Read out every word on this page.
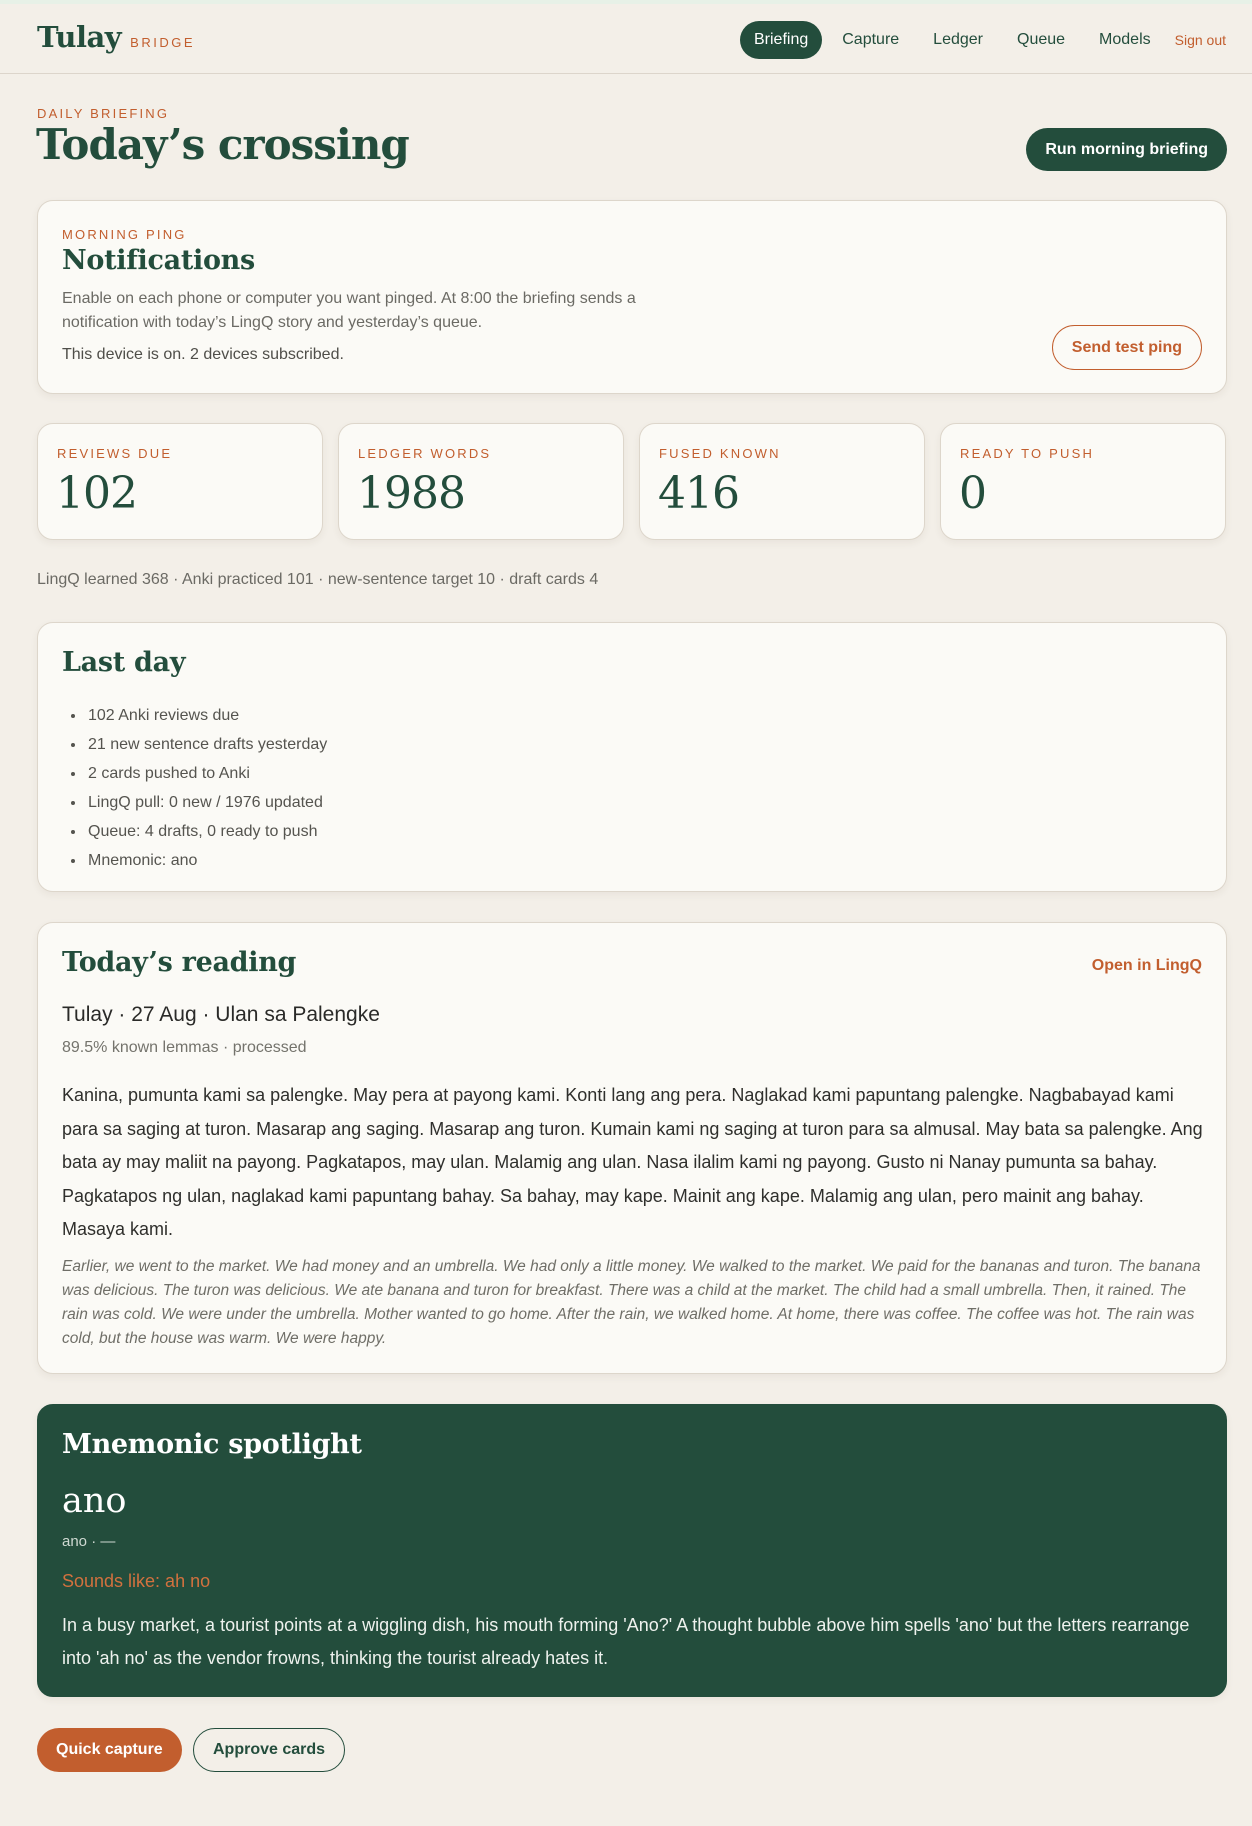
Tulay BRIDGE	Briefing	Capture	Ledger	Queue	Models	Sign out
DAILY BRIEFING
Today’s crossing	Run morning briefing
MORNING PING
Notifications

Enable on each phone or computer you want pinged. At 8:00 the briefing sends a notification with today’s LingQ story and yesterday’s queue.

This device is on. 2 devices subscribed.	Send test ping
REVIEWS DUE
102
LEDGER WORDS
1988
FUSED KNOWN
416
READY TO PUSH
0

LingQ learned 368 · Anki practiced 101 · new-sentence target 10 · draft cards 4

Last day
• 102 Anki reviews due
• 21 new sentence drafts yesterday
• 2 cards pushed to Anki
• LingQ pull: 0 new / 1976 updated
• Queue: 4 drafts, 0 ready to push
• Mnemonic: ano
Today’s reading	Open in LingQ
Tulay · 27 Aug · Ulan sa Palengke
89.5% known lemmas · processed

Kanina, pumunta kami sa palengke. May pera at payong kami. Konti lang ang pera. Naglakad kami papuntang palengke. Nagbabayad kami para sa saging at turon. Masarap ang saging. Masarap ang turon. Kumain kami ng saging at turon para sa almusal. May bata sa palengke. Ang bata ay may maliit na payong. Pagkatapos, may ulan. Malamig ang ulan. Nasa ilalim kami ng payong. Gusto ni Nanay pumunta sa bahay. Pagkatapos ng ulan, naglakad kami papuntang bahay. Sa bahay, may kape. Mainit ang kape. Malamig ang ulan, pero mainit ang bahay. Masaya kami.

Earlier, we went to the market. We had money and an umbrella. We had only a little money. We walked to the market. We paid for the bananas and turon. The banana was delicious. The turon was delicious. We ate banana and turon for breakfast. There was a child at the market. The child had a small umbrella. Then, it rained. The rain was cold. We were under the umbrella. Mother wanted to go home. After the rain, we walked home. At home, there was coffee. The coffee was hot. The rain was cold, but the house was warm. We were happy.

Mnemonic spotlight
ano
ano · —
Sounds like: ah no

In a busy market, a tourist points at a wiggling dish, his mouth forming 'Ano?' A thought bubble above him spells 'ano' but the letters rearrange into 'ah no' as the vendor frowns, thinking the tourist already hates it.

Quick capture	Approve cards
